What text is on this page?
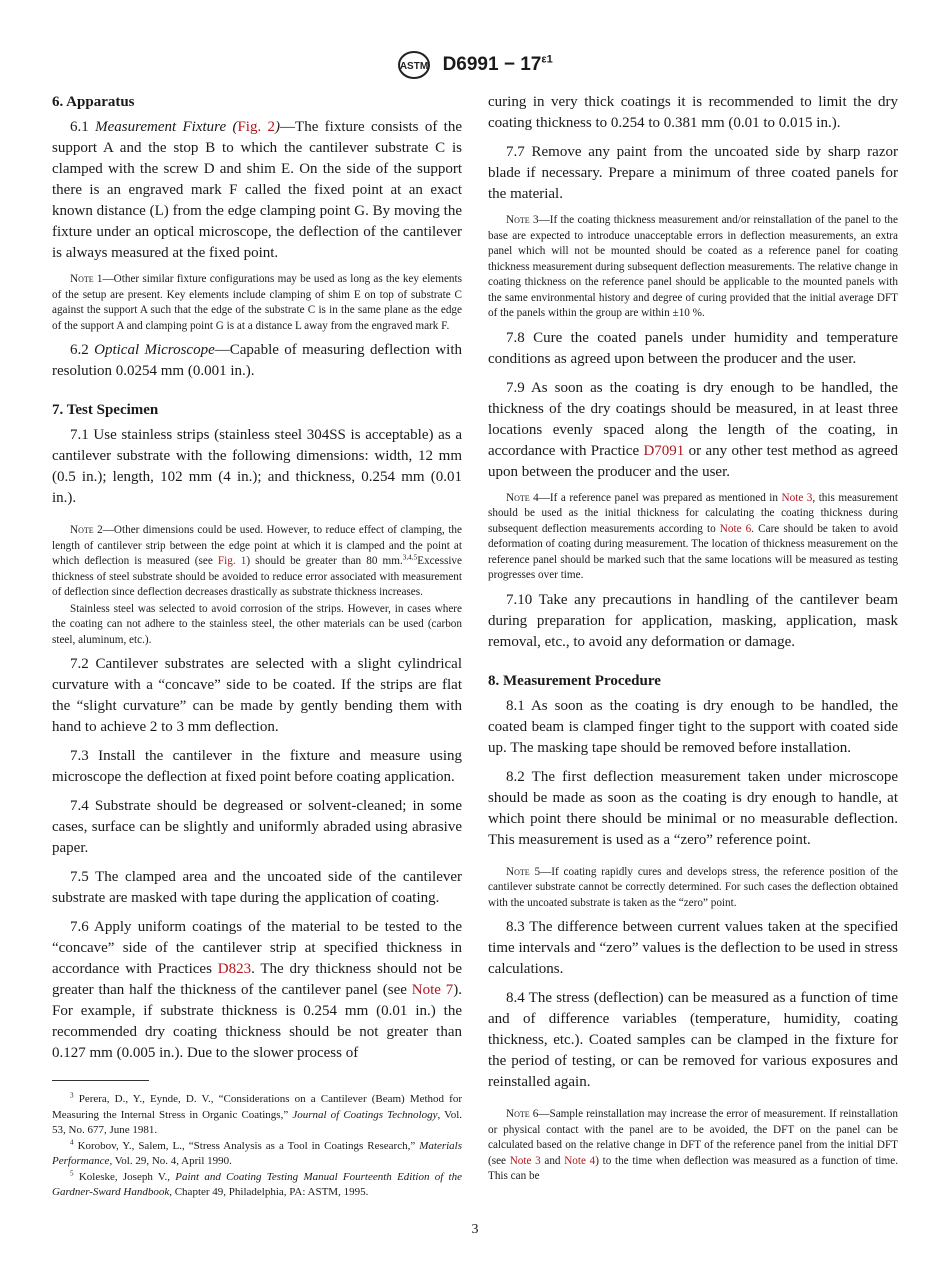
ASTM $D6991 - 17^{\varepsilon 1}$
6. Apparatus

6.1 Measurement Fixture (Fig. 2)—The fixture consists of the support A and the stop B to which the cantilever substrate C is clamped with the screw D and shim E. On the side of the support there is an engraved mark F called the fixed point at an exact known distance (L) from the edge clamping point G. By moving the fixture under an optical microscope, the deflection of the cantilever is always measured at the fixed point.

Note 1—Other similar fixture configurations may be used as long as the key elements of the setup are present. Key elements include clamping of shim E on top of substrate C against the support A such that the edge of the substrate C is in the same plane as the edge of the support A and clamping point G is at a distance L away from the engraved mark F.

6.2 Optical Microscope—Capable of measuring deflection with resolution 0.0254 mm (0.001 in.).

7. Test Specimen

7.1 Use stainless strips (stainless steel 304SS is acceptable) as a cantilever substrate with the following dimensions: width, 12 mm (0.5 in.); length, 102 mm (4 in.); and thickness, 0.254 mm (0.01 in.).

Note 2—Other dimensions could be used. However, to reduce effect of clamping, the length of cantilever strip between the edge point at which it is clamped and the point at which deflection is measured (see Fig. 1) should be greater than 80 mm.$^{3,4,5}$Excessive thickness of steel substrate should be avoided to reduce error associated with measurement of deflection since deflection decreases drastically as substrate thickness increases.

Stainless steel was selected to avoid corrosion of the strips. However, in cases where the coating can not adhere to the stainless steel, the other materials can be used (carbon steel, aluminum, etc.).

7.2 Cantilever substrates are selected with a slight cylindrical curvature with a “concave” side to be coated. If the strips are flat the “slight curvature” can be made by gently bending them with hand to achieve 2 to 3 mm deflection.

7.3 Install the cantilever in the fixture and measure using microscope the deflection at fixed point before coating application.

7.4 Substrate should be degreased or solvent-cleaned; in some cases, surface can be slightly and uniformly abraded using abrasive paper.

7.5 The clamped area and the uncoated side of the cantilever substrate are masked with tape during the application of coating.

7.6 Apply uniform coatings of the material to be tested to the “concave” side of the cantilever strip at specified thickness in accordance with Practices D823. The dry thickness should not be greater than half the thickness of the cantilever panel (see Note 7). For example, if substrate thickness is 0.254 mm (0.01 in.) the recommended dry coating thickness should be not greater than 0.127 mm (0.005 in.). Due to the slower process of

curing in very thick coatings it is recommended to limit the dry coating thickness to 0.254 to 0.381 mm (0.01 to 0.015 in.).

7.7 Remove any paint from the uncoated side by sharp razor blade if necessary. Prepare a minimum of three coated panels for the material.

Note 3—If the coating thickness measurement and/or reinstallation of the panel to the base are expected to introduce unacceptable errors in deflection measurements, an extra panel which will not be mounted should be coated as a reference panel for coating thickness measurement during subsequent deflection measurements. The relative change in coating thickness on the reference panel should be applicable to the mounted panels with the same environmental history and degree of curing provided that the initial average DFT of the panels within the group are within ±10 %.

7.8 Cure the coated panels under humidity and temperature conditions as agreed upon between the producer and the user.

7.9 As soon as the coating is dry enough to be handled, the thickness of the dry coatings should be measured, in at least three locations evenly spaced along the length of the coating, in accordance with Practice D7091 or any other test method as agreed upon between the producer and the user.

Note 4—If a reference panel was prepared as mentioned in Note 3, this measurement should be used as the initial thickness for calculating the coating thickness during subsequent deflection measurements according to Note 6. Care should be taken to avoid deformation of coating during measurement. The location of thickness measurement on the reference panel should be marked such that the same locations will be measured as testing progresses over time.

7.10 Take any precautions in handling of the cantilever beam during preparation for application, masking, application, mask removal, etc., to avoid any deformation or damage.

8. Measurement Procedure

8.1 As soon as the coating is dry enough to be handled, the coated beam is clamped finger tight to the support with coated side up. The masking tape should be removed before installation.

8.2 The first deflection measurement taken under microscope should be made as soon as the coating is dry enough to handle, at which point there should be minimal or no measurable deflection. This measurement is used as a “zero” reference point.

Note 5—If coating rapidly cures and develops stress, the reference position of the cantilever substrate cannot be correctly determined. For such cases the deflection obtained with the uncoated substrate is taken as the “zero” point.

8.3 The difference between current values taken at the specified time intervals and “zero” values is the deflection to be used in stress calculations.

8.4 The stress (deflection) can be measured as a function of time and of difference variables (temperature, humidity, coating thickness, etc.). Coated samples can be clamped in the fixture for the period of testing, or can be removed for various exposures and reinstalled again.

Note 6—Sample reinstallation may increase the error of measurement. If reinstallation or physical contact with the panel are to be avoided, the DFT on the panel can be calculated based on the relative change in DFT of the reference panel from the initial DFT (see Note 3 and Note 4) to the time when deflection was measured as a function of time. This can be

$^3$ Perera, D., Y., Eynde, D. V., “Considerations on a Cantilever (Beam) Method for Measuring the Internal Stress in Organic Coatings,” Journal of Coatings Technology, Vol. 53, No. 677, June 1981.

$^4$ Korobov, Y., Salem, L., “Stress Analysis as a Tool in Coatings Research,” Materials Performance, Vol. 29, No. 4, April 1990.

$^5$ Koleske, Joseph V., Paint and Coating Testing Manual Fourteenth Edition of the Gardner-Sward Handbook, Chapter 49, Philadelphia, PA: ASTM, 1995.

3
